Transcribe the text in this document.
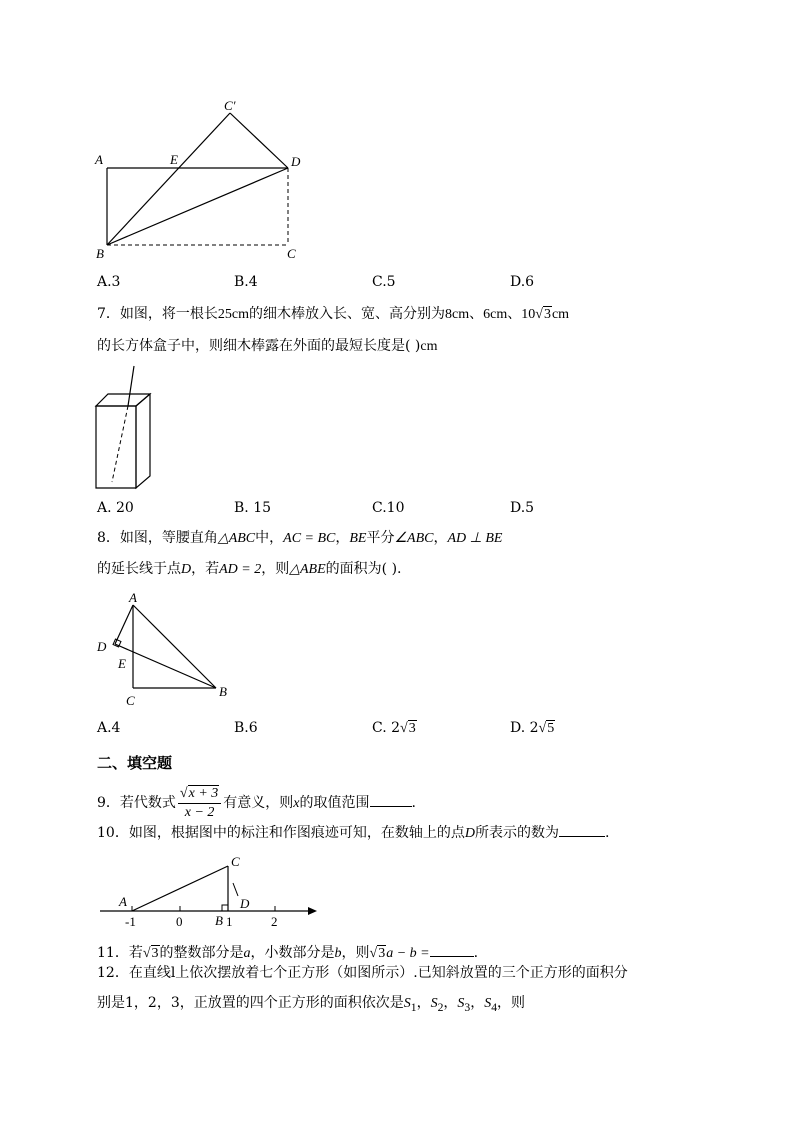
A	E	D
C′
B	C
A.3	B.4	C.5	D.6
7．如图，将一根长25cm的细木棒放入长、宽、高分别为8cm、6cm、10√3cm
的长方体盒子中，则细木棒露在外面的最短长度是( )cm
A. 20	B. 15	C.10	D.5
8．如图，等腰直角△ABC中，AC = BC，BE平分∠ABC，AD ⊥ BE
的延长线于点D，若AD = 2，则△ABE的面积为( ).
A
D
E
C
B
A.4	B.6	C. 2√3	D. 2√5
二、填空题
9．若代数式 $\frac{√x + 3}{x - 2}$ 有意义，则x的取值范围	.
10．如图，根据图中的标注和作图痕迹可知，在数轴上的点D所表示的数为	.
A
C
B
D
-1	0	1	2
11．若√3的整数部分是a，小数部分是b，则√3a − b =	.
12．在直线l上依次摆放着七个正方形（如图所示）.已知斜放置的三个正方形的面积分
别是1，2，3，正放置的四个正方形的面积依次是$S_1$，$S_2$，$S_3$，$S_4$，则
